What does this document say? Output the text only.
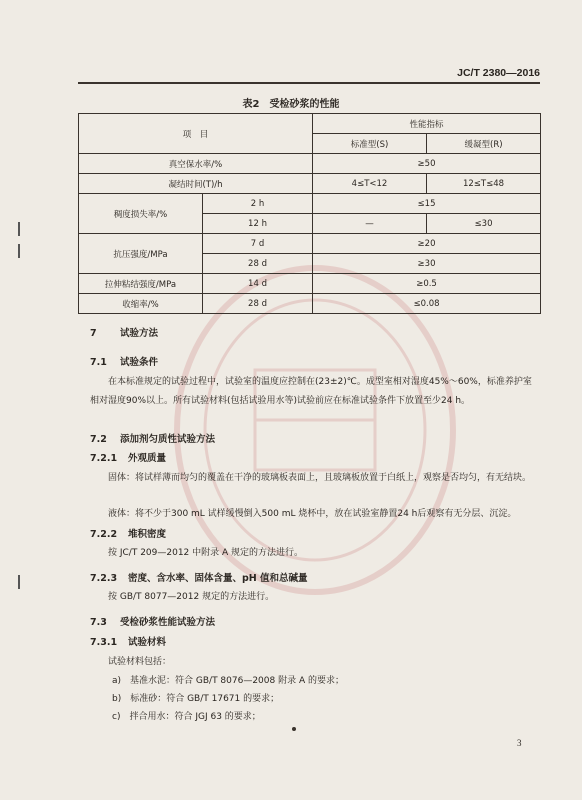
JC/T 2380—2016
表2　受检砂浆的性能
项　目		性能指标	
		标准型(S)	缓凝型(R)
真空保水率/%		≥50	
凝结时间(T)/h		4≤T<12	12≤T≤48
稠度损失率/%	2 h	≤15	
	12 h	—	≤30
抗压强度/MPa	7 d	≥20	
	28 d	≥30	
拉伸粘结强度/MPa	14 d	≥0.5	
收缩率/%	28 d	≤0.08	
7 试验方法
7.1 试验条件
在本标准规定的试验过程中，试验室的温度应控制在(23±2)℃。成型室相对湿度45%～60%，标准养护室相对湿度90%以上。所有试验材料(包括试验用水等)试验前应在标准试验条件下放置至少24 h。
7.2 添加剂匀质性试验方法
7.2.1 外观质量
固体：将试样薄而均匀的覆盖在干净的玻璃板表面上，且玻璃板放置于白纸上，观察是否均匀，有无结块。
液体：将不少于300 mL 试样缓慢倒入500 mL 烧杯中，放在试验室静置24 h后观察有无分层、沉淀。
7.2.2 堆积密度
按 JC/T 209—2012 中附录 A 规定的方法进行。
7.2.3 密度、含水率、固体含量、pH 值和总碱量
按 GB/T 8077—2012 规定的方法进行。
7.3 受检砂浆性能试验方法
7.3.1 试验材料
试验材料包括：
a)　基准水泥：符合 GB/T 8076—2008 附录 A 的要求；
b)　标准砂：符合 GB/T 17671 的要求；
c)　拌合用水：符合 JGJ 63 的要求；
3
